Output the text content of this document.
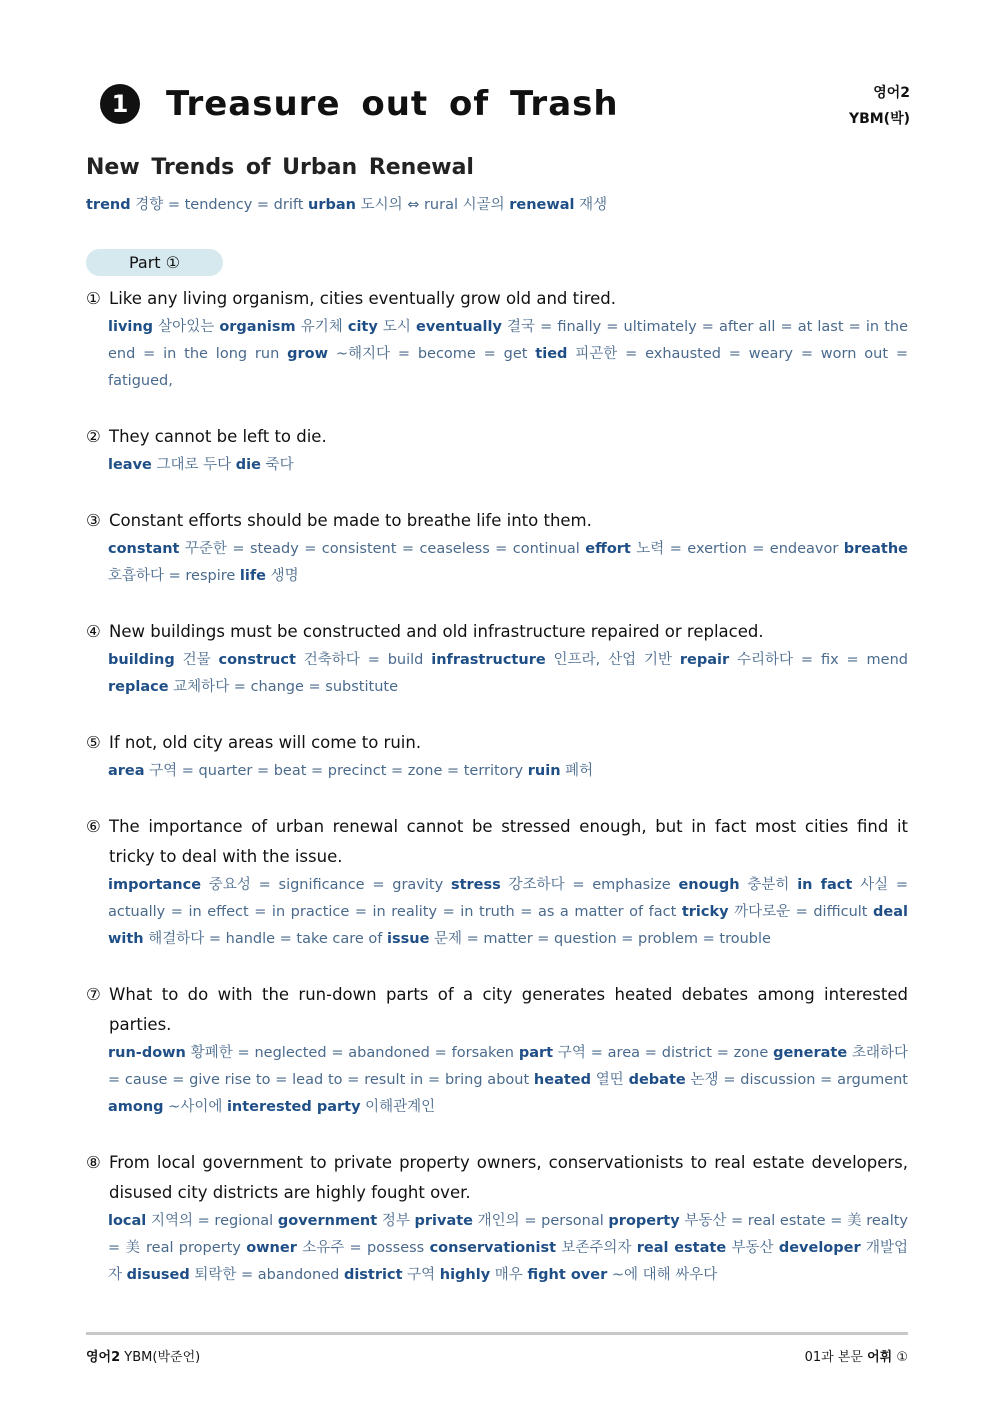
1	Treasure out of Trash	영어2
YBM(박)
New Trends of Urban Renewal
trend 경향 = tendency = drift urban 도시의 ⇔ rural 시골의 renewal 재생
Part ①
① Like any living organism, cities eventually grow old and tired.
living 살아있는 organism 유기체 city 도시 eventually 결국 = finally = ultimately = after all = at last = in the end = in the long run grow ~해지다 = become = get tied 피곤한 = exhausted = weary = worn out = fatigued,
② They cannot be left to die.
leave 그대로 두다 die 죽다
③ Constant efforts should be made to breathe life into them.
constant 꾸준한 = steady = consistent = ceaseless = continual effort 노력 = exertion = endeavor breathe 호흡하다 = respire life 생명
④ New buildings must be constructed and old infrastructure repaired or replaced.
building 건물 construct 건축하다 = build infrastructure 인프라, 산업 기반 repair 수리하다 = fix = mend replace 교체하다 = change = substitute
⑤ If not, old city areas will come to ruin.
area 구역 = quarter = beat = precinct = zone = territory ruin 폐허
⑥ The importance of urban renewal cannot be stressed enough, but in fact most cities find it tricky to deal with the issue.
importance 중요성 = significance = gravity stress 강조하다 = emphasize enough 충분히 in fact 사실 = actually = in effect = in practice = in reality = in truth = as a matter of fact tricky 까다로운 = difficult deal with 해결하다 = handle = take care of issue 문제 = matter = question = problem = trouble
⑦ What to do with the run-down parts of a city generates heated debates among interested parties.
run-down 황폐한 = neglected = abandoned = forsaken part 구역 = area = district = zone generate 초래하다 = cause = give rise to = lead to = result in = bring about heated 열띤 debate 논쟁 = discussion = argument among ~사이에 interested party 이해관계인
⑧ From local government to private property owners, conservationists to real estate developers, disused city districts are highly fought over.
local 지역의 = regional government 정부 private 개인의 = personal property 부동산 = real estate = 美 realty = 美 real property owner 소유주 = possess conservationist 보존주의자 real estate 부동산 developer 개발업자 disused 퇴락한 = abandoned district 구역 highly 매우 fight over ~에 대해 싸우다
영어2 YBM(박준언)	01과 본문 어휘 ①
